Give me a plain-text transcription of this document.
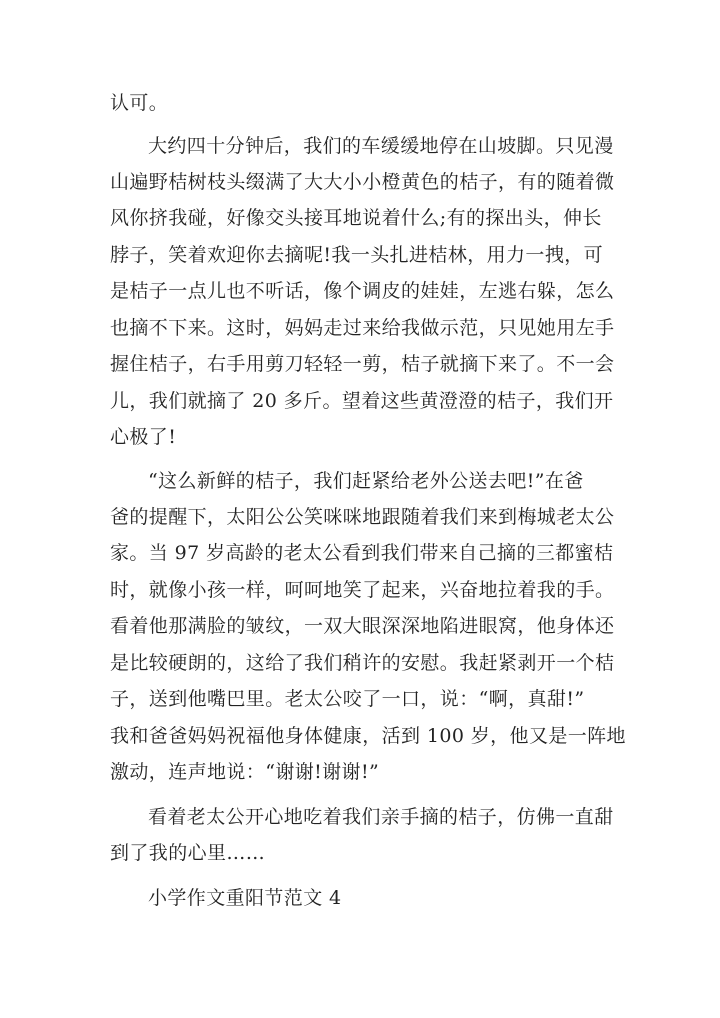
认可。
大约四十分钟后，我们的车缓缓地停在山坡脚。只见漫
山遍野桔树枝头缀满了大大小小橙黄色的桔子，有的随着微
风你挤我碰，好像交头接耳地说着什么;有的探出头，伸长
脖子，笑着欢迎你去摘呢!我一头扎进桔林，用力一拽，可
是桔子一点儿也不听话，像个调皮的娃娃，左逃右躲，怎么
也摘不下来。这时，妈妈走过来给我做示范，只见她用左手
握住桔子，右手用剪刀轻轻一剪，桔子就摘下来了。不一会
儿，我们就摘了 20 多斤。望着这些黄澄澄的桔子，我们开
心极了!
“这么新鲜的桔子，我们赶紧给老外公送去吧!”在爸
爸的提醒下，太阳公公笑咪咪地跟随着我们来到梅城老太公
家。当 97 岁高龄的老太公看到我们带来自己摘的三都蜜桔
时，就像小孩一样，呵呵地笑了起来，兴奋地拉着我的手。
看着他那满脸的皱纹，一双大眼深深地陷进眼窝，他身体还
是比较硬朗的，这给了我们稍许的安慰。我赶紧剥开一个桔
子，送到他嘴巴里。老太公咬了一口，说：“啊，真甜!”
我和爸爸妈妈祝福他身体健康，活到 100 岁，他又是一阵地
激动，连声地说：“谢谢!谢谢!”
看着老太公开心地吃着我们亲手摘的桔子，仿佛一直甜
到了我的心里……
小学作文重阳节范文 4
